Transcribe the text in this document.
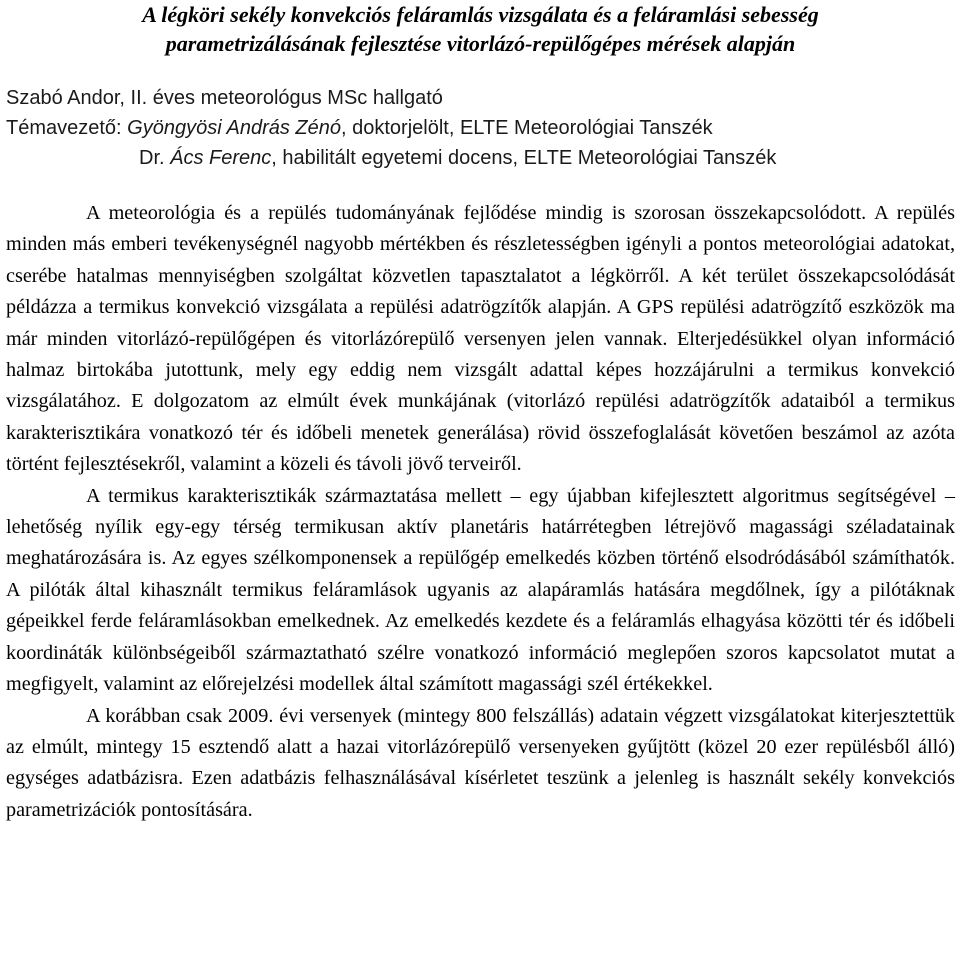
A légköri sekély konvekciós feláramlás vizsgálata és a feláramlási sebesség
parametrizálásának fejlesztése vitorlázó-repülőgépes mérések alapján
Szabó Andor, II. éves meteorológus MSc hallgató
Témavezető: Gyöngyösi András Zénó, doktorjelölt, ELTE Meteorológiai Tanszék
Dr. Ács Ferenc, habilitált egyetemi docens, ELTE Meteorológiai Tanszék

A meteorológia és a repülés tudományának fejlődése mindig is szorosan összekapcsolódott. A repülés minden más emberi tevékenységnél nagyobb mértékben és részletességben igényli a pontos meteorológiai adatokat, cserébe hatalmas mennyiségben szolgáltat közvetlen tapasztalatot a légkörről. A két terület összekapcsolódását példázza a termikus konvekció vizsgálata a repülési adatrögzítők alapján. A GPS repülési adatrögzítő eszközök ma már minden vitorlázó-repülőgépen és vitorlázórepülő versenyen jelen vannak. Elterjedésükkel olyan információ halmaz birtokába jutottunk, mely egy eddig nem vizsgált adattal képes hozzájárulni a termikus konvekció vizsgálatához. E dolgozatom az elmúlt évek munkájának (vitorlázó repülési adatrögzítők adataiból a termikus karakterisztikára vonatkozó tér és időbeli menetek generálása) rövid összefoglalását követően beszámol az azóta történt fejlesztésekről, valamint a közeli és távoli jövő terveiről.

A termikus karakterisztikák származtatása mellett – egy újabban kifejlesztett algoritmus segítségével – lehetőség nyílik egy-egy térség termikusan aktív planetáris határrétegben létrejövő magassági széladatainak meghatározására is. Az egyes szélkomponensek a repülőgép emelkedés közben történő elsodródásából számíthatók. A pilóták által kihasznált termikus feláramlások ugyanis az alapáramlás hatására megdőlnek, így a pilótáknak gépeikkel ferde feláramlásokban emelkednek. Az emelkedés kezdete és a feláramlás elhagyása közötti tér és időbeli koordináták különbségeiből származtatható szélre vonatkozó információ meglepően szoros kapcsolatot mutat a megfigyelt, valamint az előrejelzési modellek által számított magassági szél értékekkel.

A korábban csak 2009. évi versenyek (mintegy 800 felszállás) adatain végzett vizsgálatokat kiterjesztettük az elmúlt, mintegy 15 esztendő alatt a hazai vitorlázórepülő versenyeken gyűjtött (közel 20 ezer repülésből álló) egységes adatbázisra. Ezen adatbázis felhasználásával kísérletet teszünk a jelenleg is használt sekély konvekciós parametrizációk pontosítására.
